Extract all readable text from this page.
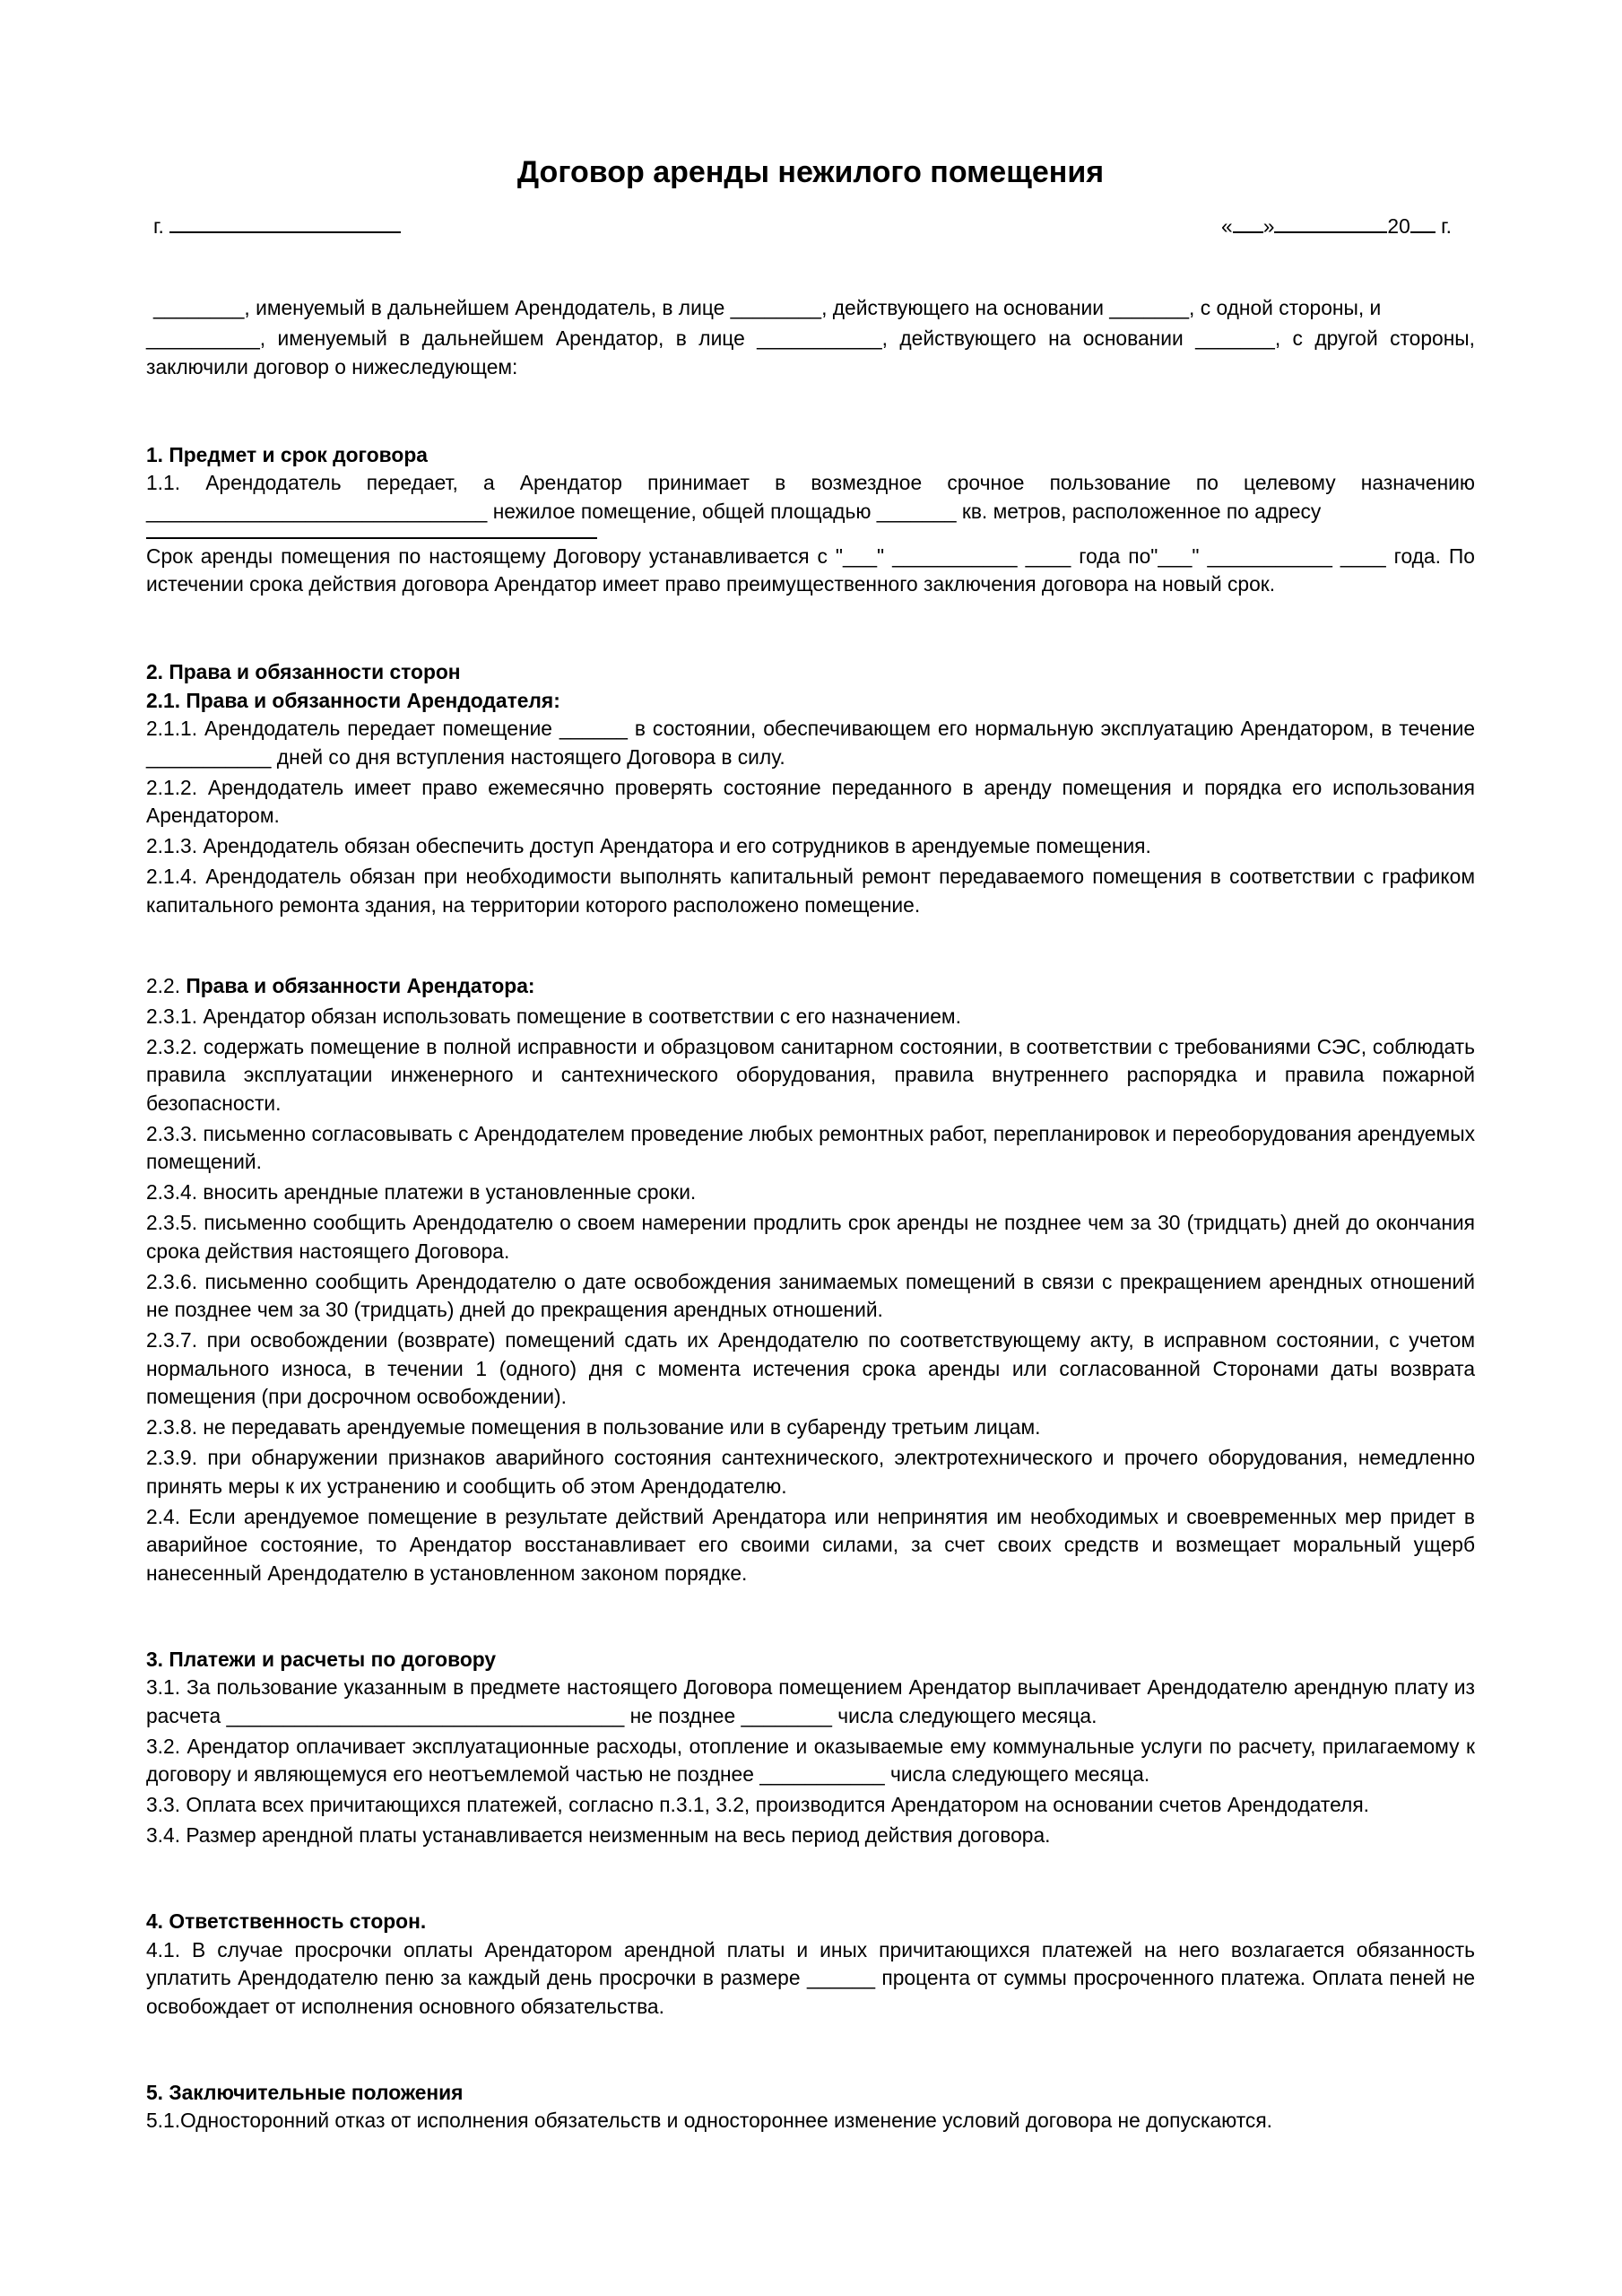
Договор аренды нежилого помещения
г.	« »	20 г.
________, именуемый в дальнейшем Арендодатель, в лице ________, действующего на основании _______, с одной стороны, и
__________, именуемый в дальнейшем Арендатор, в лице ___________, действующего на основании _______, с другой стороны, заключили договор о нижеследующем:
1. Предмет и срок договора
1.1. Арендодатель передает, а Арендатор принимает в возмездное срочное пользование по целевому назначению ______________________________ нежилое помещение, общей площадью _______ кв. метров, расположенное по адресу
Срок аренды помещения по настоящему Договору устанавливается с "___" ___________ ____ года по"___" ___________ ____ года. По истечении срока действия договора Арендатор имеет право преимущественного заключения договора на новый срок.
2. Права и обязанности сторон
2.1. Права и обязанности Арендодателя:
2.1.1. Арендодатель передает помещение ______ в состоянии, обеспечивающем его нормальную эксплуатацию Арендатором, в течение ___________ дней со дня вступления настоящего Договора в силу.
2.1.2. Арендодатель имеет право ежемесячно проверять состояние переданного в аренду помещения и порядка его использования Арендатором.
2.1.3. Арендодатель обязан обеспечить доступ Арендатора и его сотрудников в арендуемые помещения.
2.1.4. Арендодатель обязан при необходимости выполнять капитальный ремонт передаваемого помещения в соответствии с графиком капитального ремонта здания, на территории которого расположено помещение.
2.2. Права и обязанности Арендатора:
2.3.1. Арендатор обязан использовать помещение в соответствии с его назначением.
2.3.2. содержать помещение в полной исправности и образцовом санитарном состоянии, в соответствии с требованиями СЭС, соблюдать правила эксплуатации инженерного и сантехнического оборудования, правила внутреннего распорядка и правила пожарной безопасности.
2.3.3. письменно согласовывать с Арендодателем проведение любых ремонтных работ, перепланировок и переоборудования арендуемых помещений.
2.3.4. вносить арендные платежи в установленные сроки.
2.3.5. письменно сообщить Арендодателю о своем намерении продлить срок аренды не позднее чем за 30 (тридцать) дней до окончания срока действия настоящего Договора.
2.3.6. письменно сообщить Арендодателю о дате освобождения занимаемых помещений в связи с прекращением арендных отношений не позднее чем за 30 (тридцать) дней до прекращения арендных отношений.
2.3.7. при освобождении (возврате) помещений сдать их Арендодателю по соответствующему акту, в исправном состоянии, с учетом нормального износа, в течении 1 (одного) дня с момента истечения срока аренды или согласованной Сторонами даты возврата помещения (при досрочном освобождении).
2.3.8. не передавать арендуемые помещения в пользование или в субаренду третьим лицам.
2.3.9. при обнаружении признаков аварийного состояния сантехнического, электротехнического и прочего оборудования, немедленно принять меры к их устранению и сообщить об этом Арендодателю.
2.4. Если арендуемое помещение в результате действий Арендатора или непринятия им необходимых и своевременных мер придет в аварийное состояние, то Арендатор восстанавливает его своими силами, за счет своих средств и возмещает моральный ущерб нанесенный Арендодателю в установленном законом порядке.
3. Платежи и расчеты по договору
3.1. За пользование указанным в предмете настоящего Договора помещением Арендатор выплачивает Арендодателю арендную плату из расчета ___________________________________ не позднее ________ числа следующего месяца.
3.2. Арендатор оплачивает эксплуатационные расходы, отопление и оказываемые ему коммунальные услуги по расчету, прилагаемому к договору и являющемуся его неотъемлемой частью не позднее ___________ числа следующего месяца.
3.3. Оплата всех причитающихся платежей, согласно п.3.1, 3.2, производится Арендатором на основании счетов Арендодателя.
3.4. Размер арендной платы устанавливается неизменным на весь период действия договора.
4. Ответственность сторон.
4.1. В случае просрочки оплаты Арендатором арендной платы и иных причитающихся платежей на него возлагается обязанность уплатить Арендодателю пеню за каждый день просрочки в размере ______ процента от суммы просроченного платежа. Оплата пеней не освобождает от исполнения основного обязательства.
5. Заключительные положения
5.1.Односторонний отказ от исполнения обязательств и одностороннее изменение условий договора не допускаются.
